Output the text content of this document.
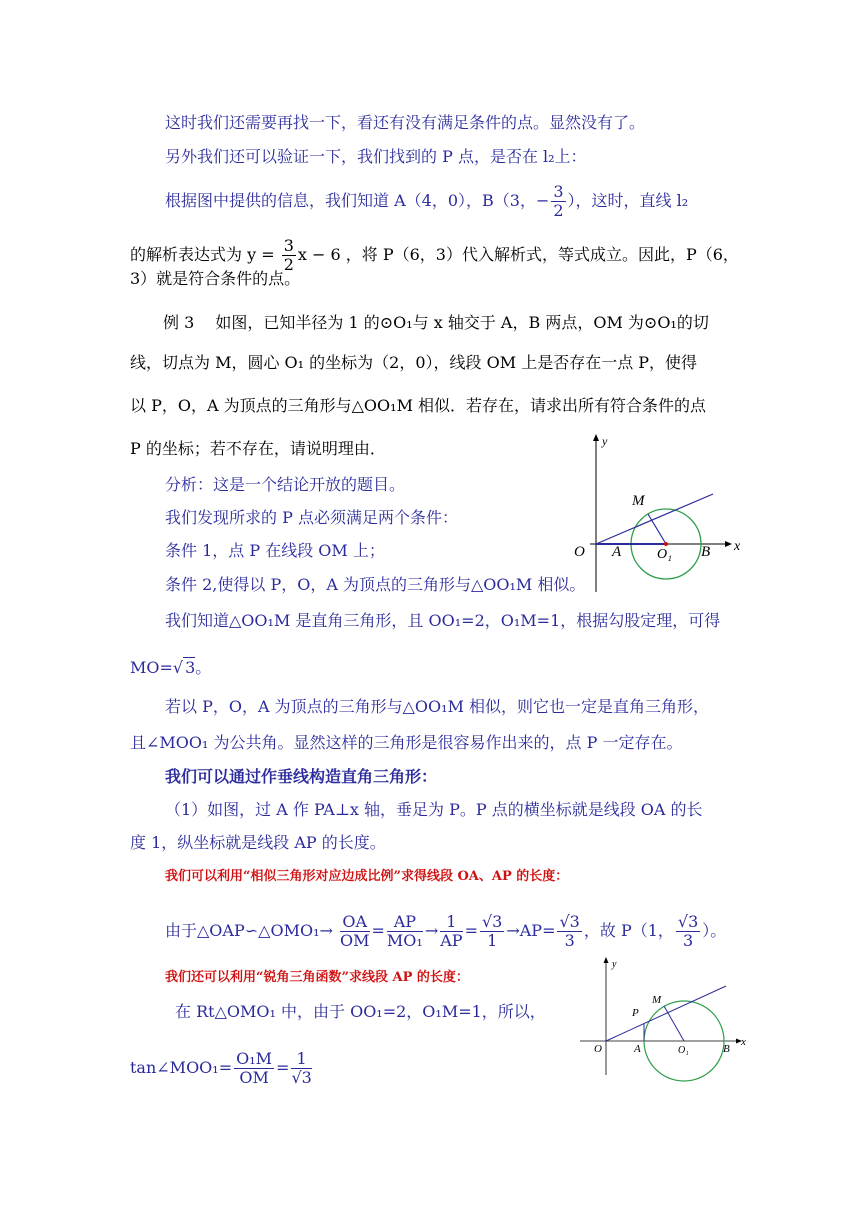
这时我们还需要再找一下，看还有没有满足条件的点。显然没有了。
另外我们还可以验证一下，我们找到的 P 点，是否在 l₂上：
根据图中提供的信息，我们知道 A（4，0），B（3，− $\frac{3}{2}$ ），这时，直线 l₂
的解析表达式为 $y = \frac{3}{2}$ x − 6 ，将 P（6，3）代入解析式，等式成立。因此，P（6，
3）就是符合条件的点。
例 3　 如图，已知半径为 1 的⊙O₁与 x 轴交于 A，B 两点，OM 为⊙O₁的切
线，切点为 M，圆心 O₁ 的坐标为（2，0），线段 OM 上是否存在一点 P，使得
以 P，O，A 为顶点的三角形与△OO₁M 相似．若存在，请求出所有符合条件的点
P 的坐标；若不存在，请说明理由．
分析：这是一个结论开放的题目。
我们发现所求的 P 点必须满足两个条件：
条件 1，点 P 在线段 OM 上；
条件 2,使得以 P，O，A 为顶点的三角形与△OO₁M 相似。
我们知道△OO₁M 是直角三角形，且 OO₁=2，O₁M=1，根据勾股定理，可得
MO=√ 3。
若以 P，O，A 为顶点的三角形与△OO₁M 相似，则它也一定是直角三角形，
且∠MOO₁ 为公共角。显然这样的三角形是很容易作出来的，点 P 一定存在。
我们可以通过作垂线构造直角三角形：
（1）如图，过 A 作 PA⊥x 轴，垂足为 P。P 点的横坐标就是线段 OA 的长
度 1，纵坐标就是线段 AP 的长度。
我们可以利用“相似三角形对应边成比例”求得线段 OA、AP 的长度：
由于△OAP∽△OMO₁→ $\frac{OA}{OM} = \frac{AP}{\text{MO₁}} \to \frac{1}{AP} = \frac{√3}{1} \to AP= \frac{√3}{3}$ ，故 P（1， $\frac{√3}{3}$ ）。
我们还可以利用“锐角三角函数”求线段 AP 的长度：
在 Rt△OMO₁ 中，由于 OO₁=2，O₁M=1，所以，
tan∠MOO₁= $\frac{\text{O₁M}}{OM} = \frac{1}{√3}$
y
x
O A	O₁ B
M
y
x
O	A	O₁	B
M
P
